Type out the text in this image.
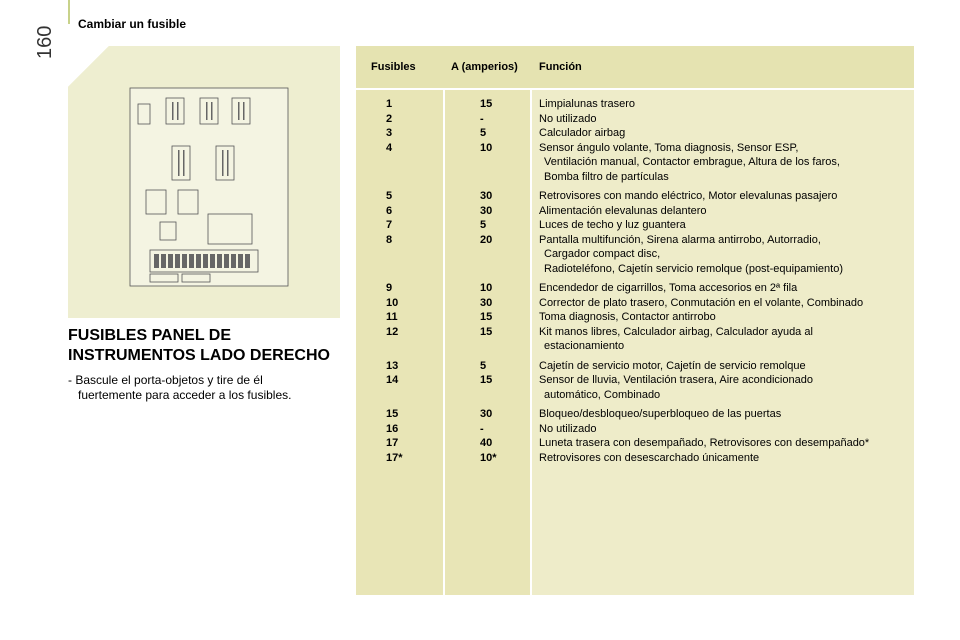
160
Cambiar un fusible
FUSIBLES PANEL DE
INSTRUMENTOS LADO DERECHO
- Bascule el porta-objetos y tire de él
fuertemente para acceder a los fusibles.
Fusibles	A (amperios) Función
1	15	Limpialunas trasero
2	-	No utilizado
3	5	Calculador airbag
4	10	Sensor ángulo volante, Toma diagnosis, Sensor ESP,
Ventilación manual, Contactor embrague, Altura de los faros,
Bomba filtro de partículas
5	30	Retrovisores con mando eléctrico, Motor elevalunas pasajero
6	30	Alimentación elevalunas delantero
7	5	Luces de techo y luz guantera
8	20	Pantalla multifunción, Sirena alarma antirrobo, Autorradio,
Cargador compact disc,
Radioteléfono, Cajetín servicio remolque (post-equipamiento)
9	10	Encendedor de cigarrillos, Toma accesorios en 2ª fila
10	30	Corrector de plato trasero, Conmutación en el volante, Combinado
11	15	Toma diagnosis, Contactor antirrobo
12	15	Kit manos libres, Calculador airbag, Calculador ayuda al
estacionamiento
13	5	Cajetín de servicio motor, Cajetín de servicio remolque
14	15	Sensor de lluvia, Ventilación trasera, Aire acondicionado
automático, Combinado
15	30	Bloqueo/desbloqueo/superbloqueo de las puertas
16	-	No utilizado
17	40	Luneta trasera con desempañado, Retrovisores con desempañado*
17*	10*	Retrovisores con desescarchado únicamente
